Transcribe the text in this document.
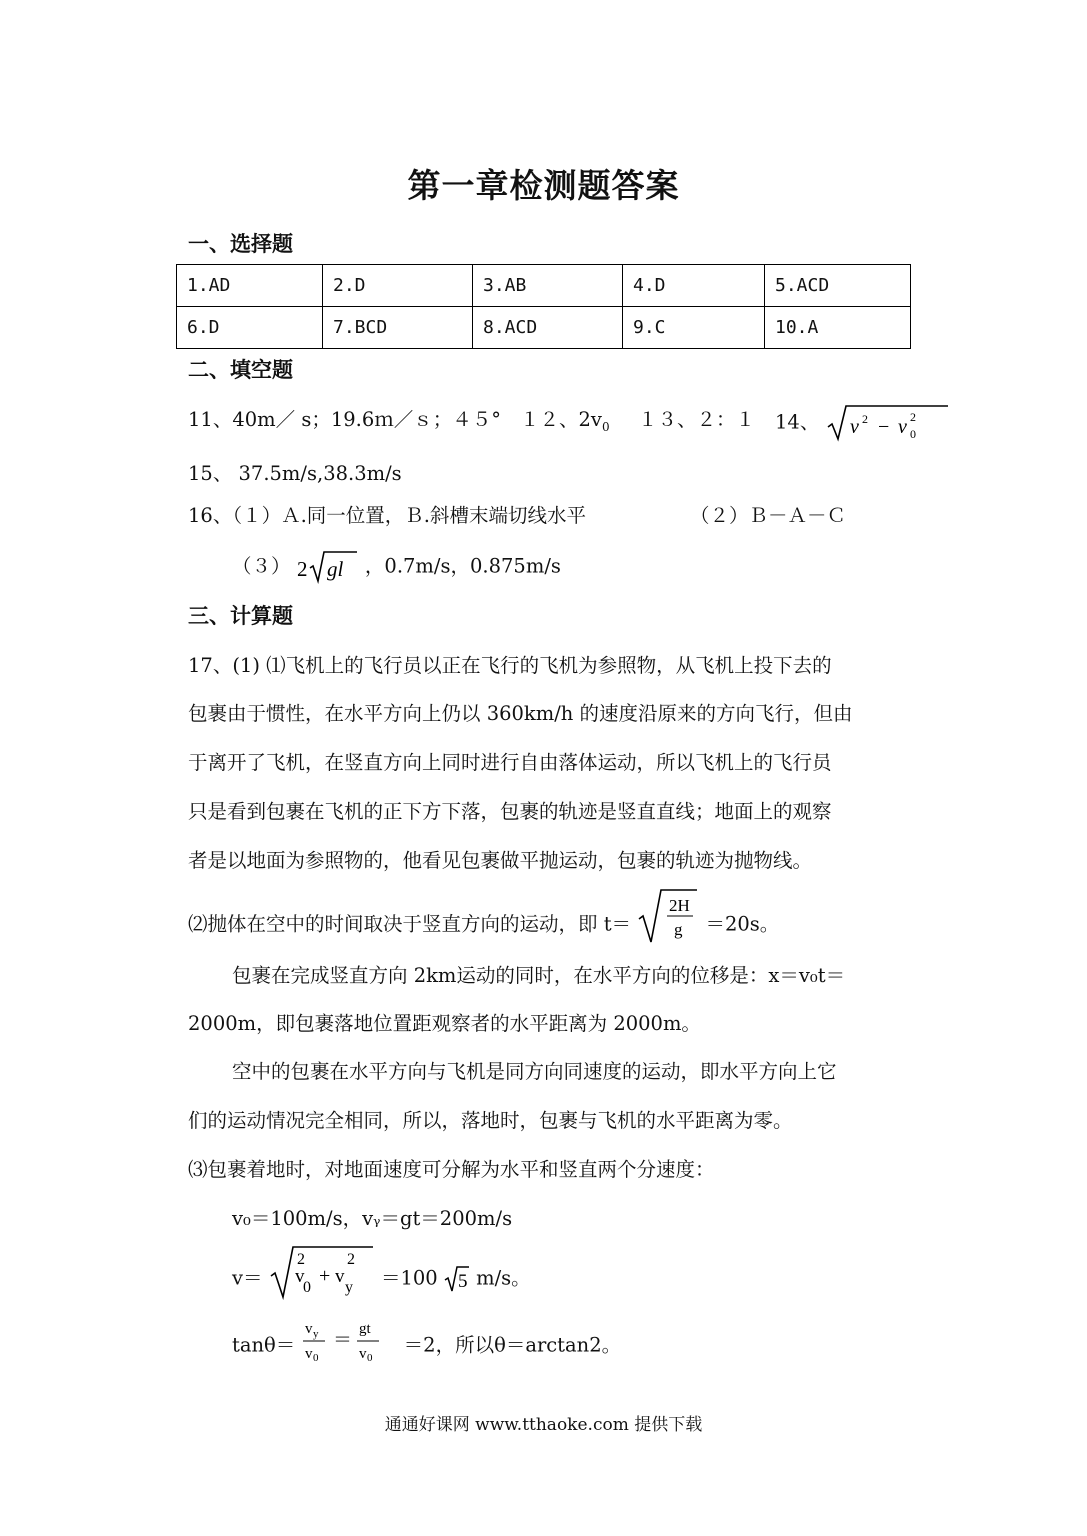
第一章检测题答案
一、选择题
1.AD	2.D	3.AB	4.D	5.ACD
6.D	7.BCD	8.ACD	9.C	10.A
二、填空题
11、40m／ s；19.6ｍ／ｓ；４５° １２、$2v_0$ １３、２：１ 14、 v 2 − v 0
2
15、 37.5m/s,38.3m/s
16、（１）Ａ.同一位置，Ｂ.斜槽末端切线水平	（２）Ｂ－Ａ－Ｃ
（３） 2 gl ，0.7m/s，0.875m/s
三、计算题
17、(1) ⑴飞机上的飞行员以正在飞行的飞机为参照物，从飞机上投下去的
包裹由于惯性，在水平方向上仍以 360km/h 的速度沿原来的方向飞行，但由
于离开了飞机，在竖直方向上同时进行自由落体运动，所以飞机上的飞行员
只是看到包裹在飞机的正下方下落，包裹的轨迹是竖直直线；地面上的观察
者是以地面为参照物的，他看见包裹做平抛运动，包裹的轨迹为抛物线。
⑵抛体在空中的时间取决于竖直方向的运动，即 t＝
2H
g ＝20s。
包裹在完成竖直方向 2km运动的同时，在水平方向的位移是：x＝v₀t＝
2000m，即包裹落地位置距观察者的水平距离为 2000m。
空中的包裹在水平方向与飞机是同方向同速度的运动，即水平方向上它
们的运动情况完全相同，所以，落地时，包裹与飞机的水平距离为零。
⑶包裹着地时，对地面速度可分解为水平和竖直两个分速度：
v₀＝100m/s，vᵧ＝gt＝200m/s
v＝
2
v
0
+
2
v
y ＝100 5 m/s。
tanθ＝
v y
v 0
＝
gt
v 0
＝2，所以θ＝arctan2。
通通好课网 www.tthaoke.com 提供下载
